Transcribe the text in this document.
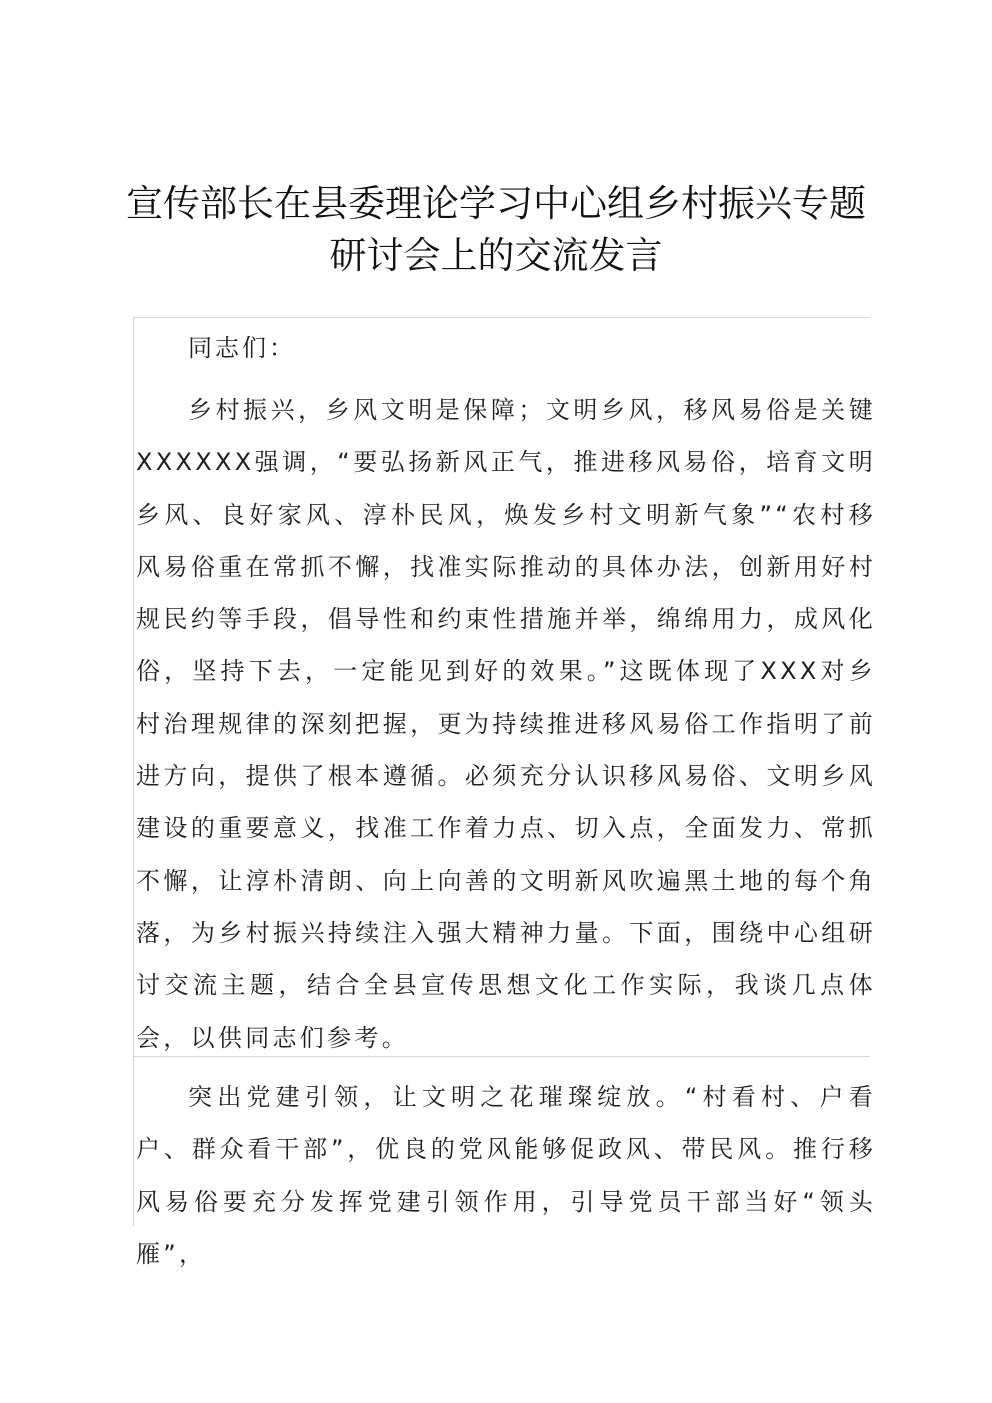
宣传部长在县委理论学习中心组乡村振兴专题
研讨会上的交流发言
同志们：

乡村振兴，乡风文明是保障；文明乡风，移风易俗是关键XXXXXX强调，“要弘扬新风正气，推进移风易俗，培育文明乡风、良好家风、淳朴民风，焕发乡村文明新气象”“农村移风易俗重在常抓不懈，找准实际推动的具体办法，创新用好村规民约等手段，倡导性和约束性措施并举，绵绵用力，成风化俗，坚持下去，一定能见到好的效果。”这既体现了XXX对乡村治理规律的深刻把握，更为持续推进移风易俗工作指明了前进方向，提供了根本遵循。必须充分认识移风易俗、文明乡风建设的重要意义，找准工作着力点、切入点，全面发力、常抓不懈，让淳朴清朗、向上向善的文明新风吹遍黑土地的每个角落，为乡村振兴持续注入强大精神力量。下面，围绕中心组研讨交流主题，结合全县宣传思想文化工作实际，我谈几点体会，以供同志们参考。

突出党建引领，让文明之花璀璨绽放。“村看村、户看户、群众看干部”，优良的党风能够促政风、带民风。推行移风易俗要充分发挥党建引领作用，引导党员干部当好“领头雁”，
